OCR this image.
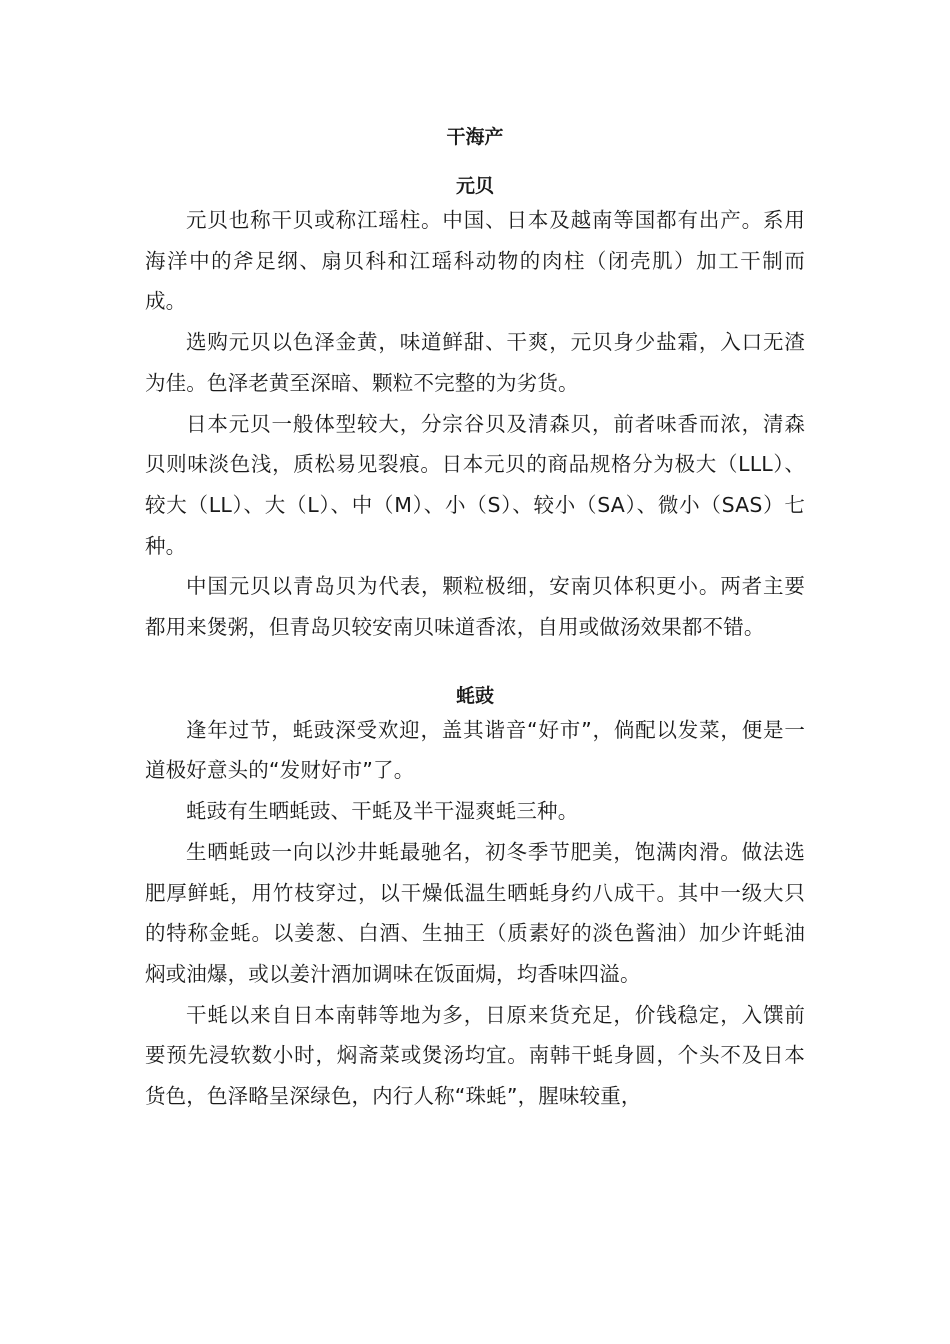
干海产
元贝

元贝也称干贝或称江瑶柱。中国、日本及越南等国都有出产。系用海洋中的斧足纲、扇贝科和江瑶科动物的肉柱（闭壳肌）加工干制而成。

选购元贝以色泽金黄，味道鲜甜、干爽，元贝身少盐霜，入口无渣为佳。色泽老黄至深暗、颗粒不完整的为劣货。

日本元贝一般体型较大，分宗谷贝及清森贝，前者味香而浓，清森贝则味淡色浅，质松易见裂痕。日本元贝的商品规格分为极大（LLL）、较大（LL）、大（L）、中（M）、小（S）、较小（SA）、微小（SAS）七种。

中国元贝以青岛贝为代表，颗粒极细，安南贝体积更小。两者主要都用来煲粥，但青岛贝较安南贝味道香浓，自用或做汤效果都不错。

蚝豉

逢年过节，蚝豉深受欢迎，盖其谐音“好市”，倘配以发菜，便是一道极好意头的“发财好市”了。

蚝豉有生晒蚝豉、干蚝及半干湿爽蚝三种。

生晒蚝豉一向以沙井蚝最驰名，初冬季节肥美，饱满肉滑。做法选肥厚鲜蚝，用竹枝穿过，以干燥低温生晒蚝身约八成干。其中一级大只的特称金蚝。以姜葱、白酒、生抽王（质素好的淡色酱油）加少许蚝油焖或油爆，或以姜汁酒加调味在饭面焗，均香味四溢。

干蚝以来自日本南韩等地为多，日原来货充足，价钱稳定，入馔前要预先浸软数小时，焖斋菜或煲汤均宜。南韩干蚝身圆，个头不及日本货色，色泽略呈深绿色，内行人称“珠蚝”，腥味较重，
